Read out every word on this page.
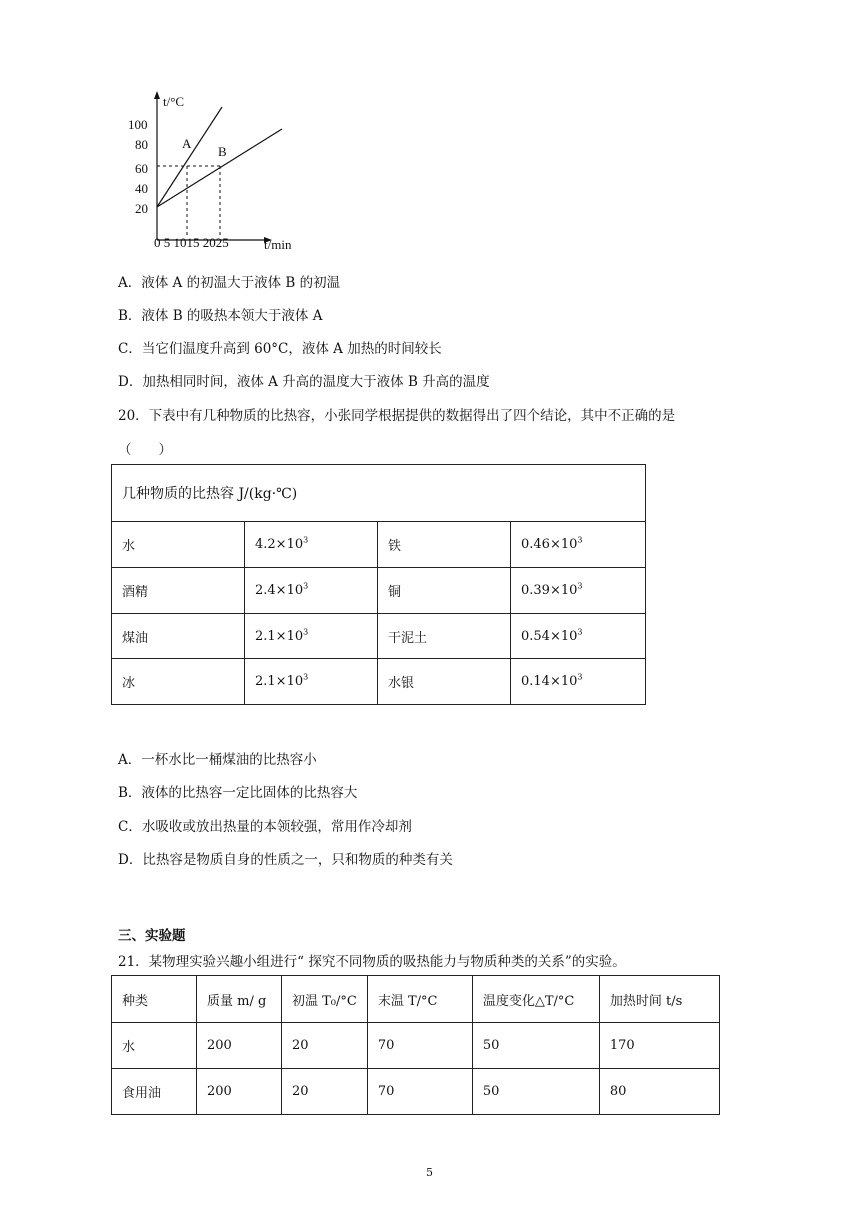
t/°C
t/min
100
80
60
40
20
0 5 1015 2025
A
B
A．液体 A 的初温大于液体 B 的初温
B．液体 B 的吸热本领大于液体 A
C．当它们温度升高到 60°C，液体 A 加热的时间较长
D．加热相同时间，液体 A 升高的温度大于液体 B 升高的温度
20．下表中有几种物质的比热容，小张同学根据提供的数据得出了四个结论，其中不正确的是
（　　）
几种物质的比热容 J/(kg·℃)			
水	$4.2\times 10^3$	铁	$0.46\times 10^3$
酒精	$2.4\times 10^3$	铜	$0.39\times 10^3$
煤油	$2.1\times 10^3$	干泥土	$0.54\times 10^3$
冰	$2.1\times 10^3$	水银	$0.14\times 10^3$
A．一杯水比一桶煤油的比热容小
B．液体的比热容一定比固体的比热容大
C．水吸收或放出热量的本领较强，常用作冷却剂
D．比热容是物质自身的性质之一，只和物质的种类有关
三、实验题
21．某物理实验兴趣小组进行“ 探究不同物质的吸热能力与物质种类的关系”的实验。
种类	质量 m/ g	初温 T₀/°C	末温 T/°C	温度变化△T/°C	加热时间 t/s
水	200	20	70	50	170
食用油	200	20	70	50	80
5
